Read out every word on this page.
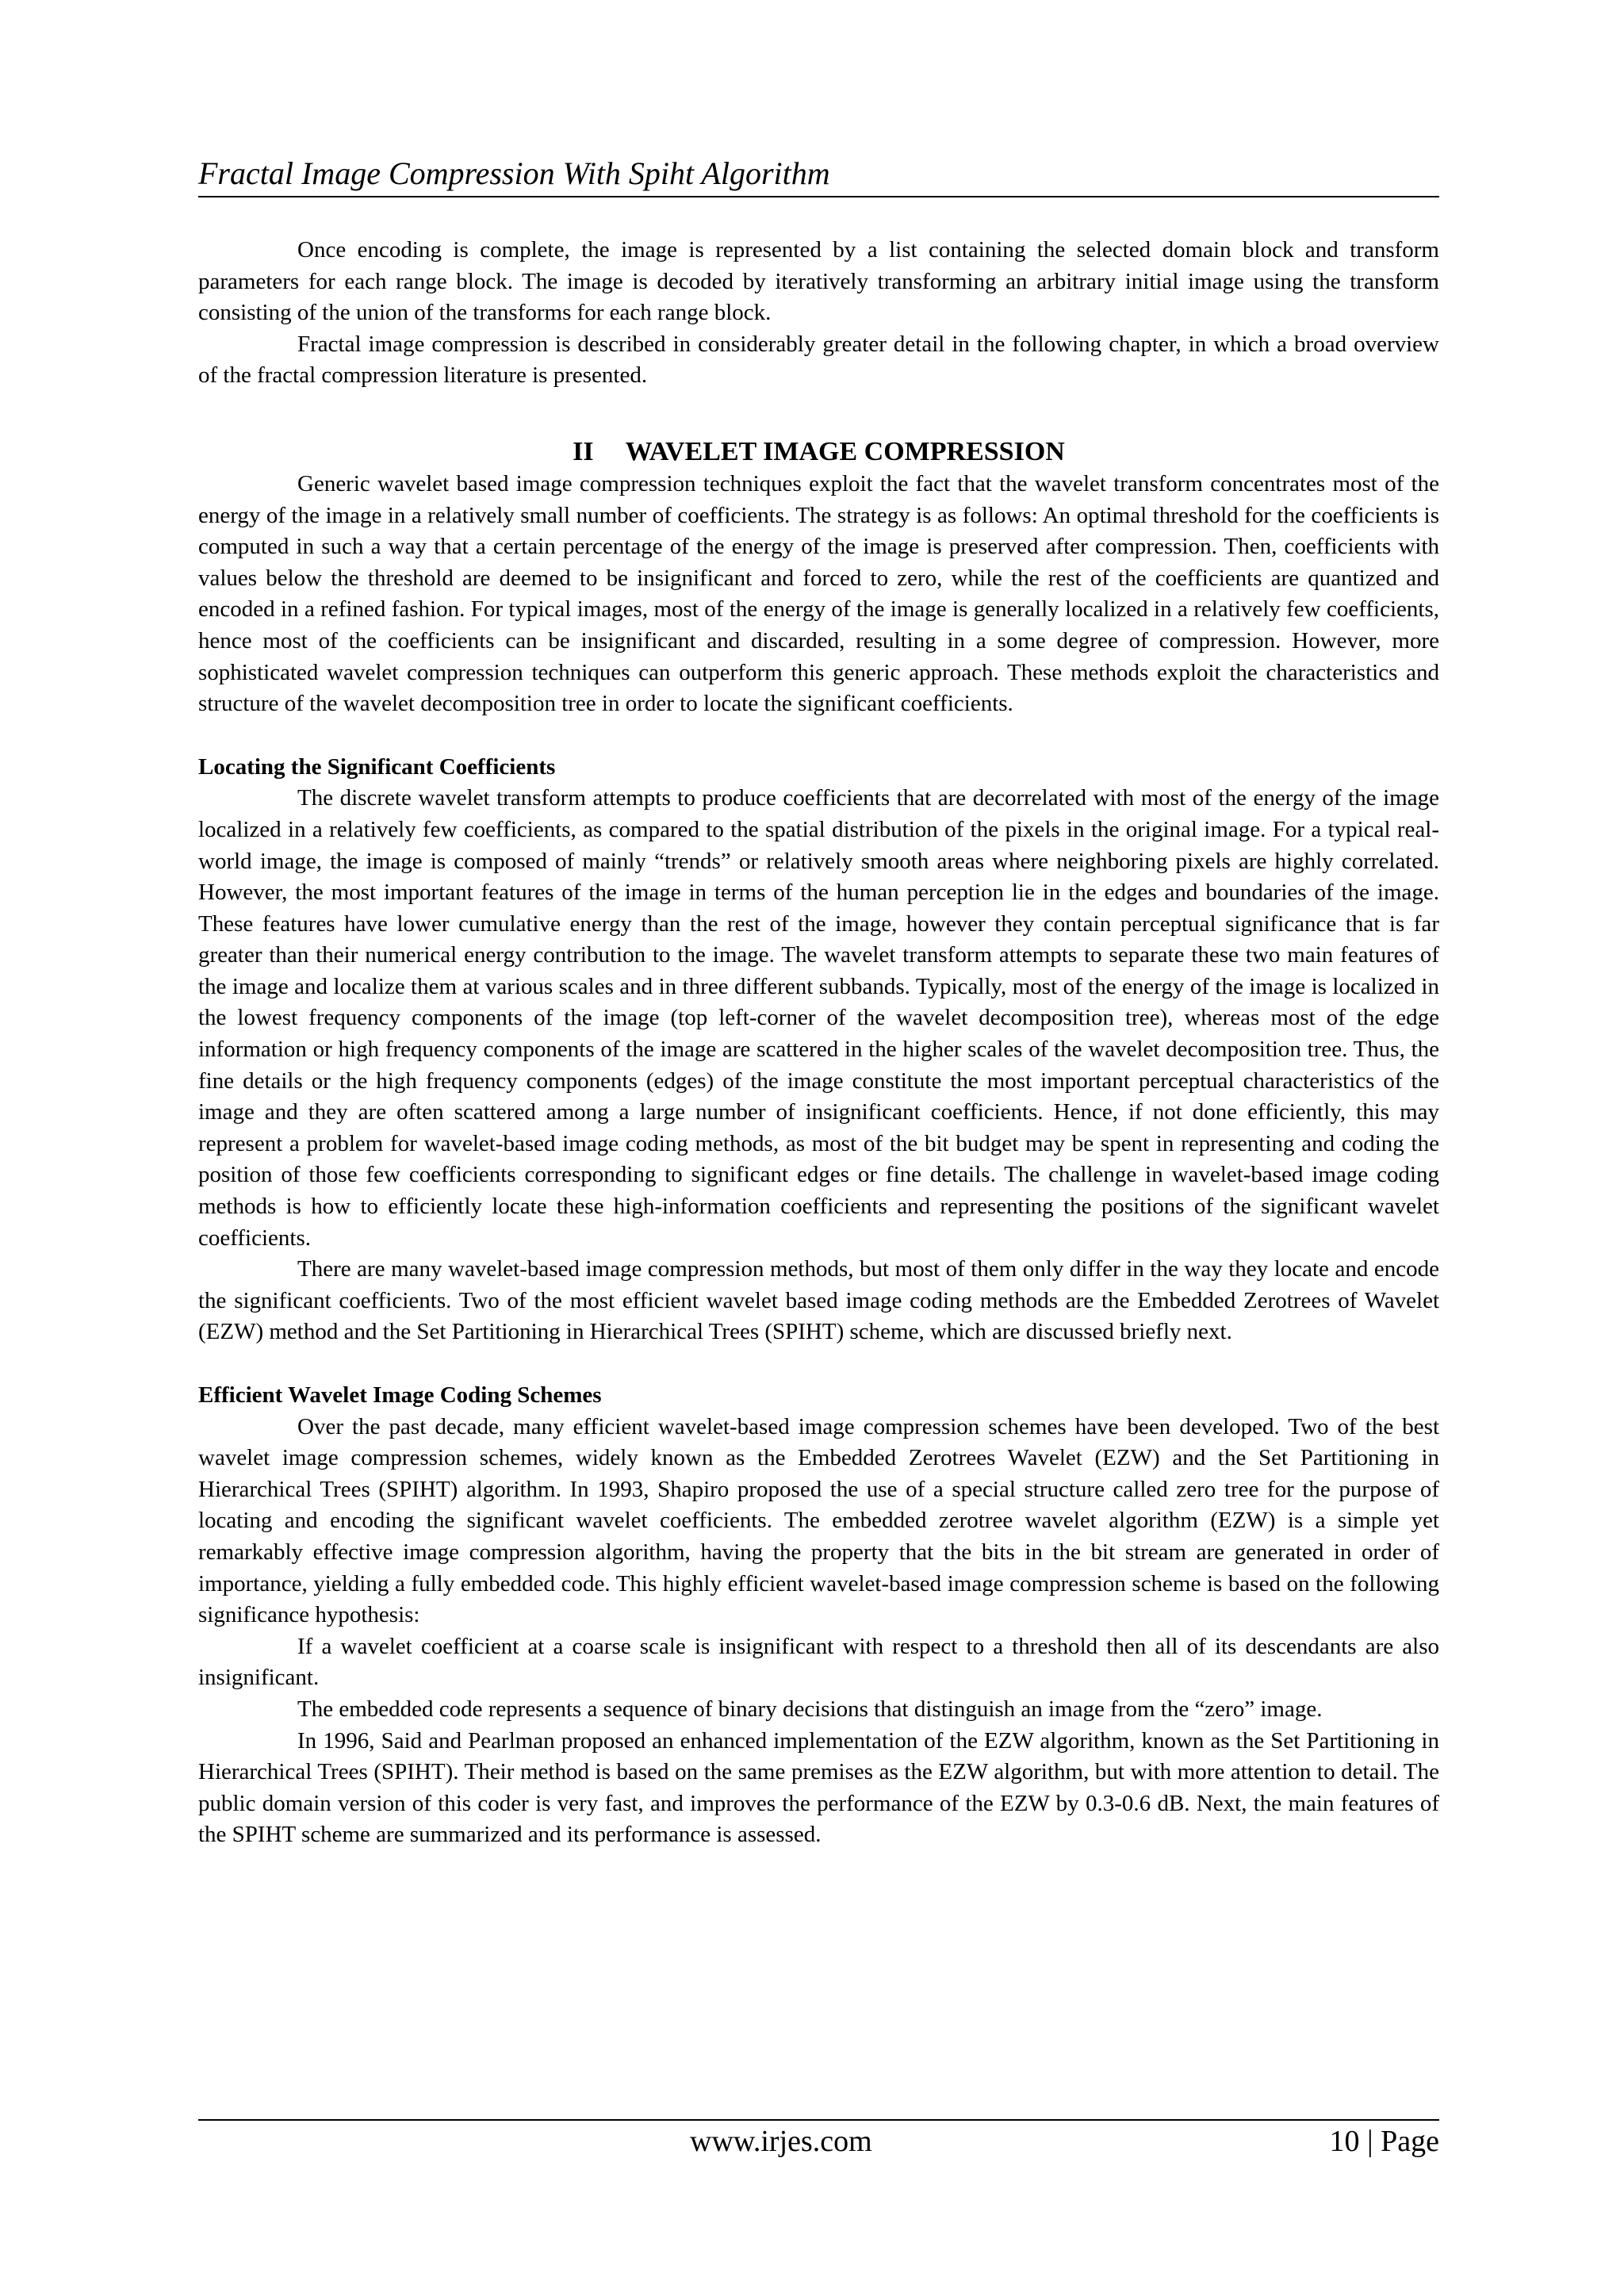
Fractal Image Compression With Spiht Algorithm

Once encoding is complete, the image is represented by a list containing the selected domain block and transform parameters for each range block. The image is decoded by iteratively transforming an arbitrary initial image using the transform consisting of the union of the transforms for each range block.

Fractal image compression is described in considerably greater detail in the following chapter, in which a broad overview of the fractal compression literature is presented.

II WAVELET IMAGE COMPRESSION

Generic wavelet based image compression techniques exploit the fact that the wavelet transform concentrates most of the energy of the image in a relatively small number of coefficients. The strategy is as follows: An optimal threshold for the coefficients is computed in such a way that a certain percentage of the energy of the image is preserved after compression. Then, coefficients with values below the threshold are deemed to be insignificant and forced to zero, while the rest of the coefficients are quantized and encoded in a refined fashion. For typical images, most of the energy of the image is generally localized in a relatively few coefficients, hence most of the coefficients can be insignificant and discarded, resulting in a some degree of compression. However, more sophisticated wavelet compression techniques can outperform this generic approach. These methods exploit the characteristics and structure of the wavelet decomposition tree in order to locate the significant coefficients.

Locating the Significant Coefficients

The discrete wavelet transform attempts to produce coefficients that are decorrelated with most of the energy of the image localized in a relatively few coefficients, as compared to the spatial distribution of the pixels in the original image. For a typical real-world image, the image is composed of mainly “trends” or relatively smooth areas where neighboring pixels are highly correlated. However, the most important features of the image in terms of the human perception lie in the edges and boundaries of the image. These features have lower cumulative energy than the rest of the image, however they contain perceptual significance that is far greater than their numerical energy contribution to the image. The wavelet transform attempts to separate these two main features of the image and localize them at various scales and in three different subbands. Typically, most of the energy of the image is localized in the lowest frequency components of the image (top left-corner of the wavelet decomposition tree), whereas most of the edge information or high frequency components of the image are scattered in the higher scales of the wavelet decomposition tree. Thus, the fine details or the high frequency components (edges) of the image constitute the most important perceptual characteristics of the image and they are often scattered among a large number of insignificant coefficients. Hence, if not done efficiently, this may represent a problem for wavelet-based image coding methods, as most of the bit budget may be spent in representing and coding the position of those few coefficients corresponding to significant edges or fine details. The challenge in wavelet-based image coding methods is how to efficiently locate these high-information coefficients and representing the positions of the significant wavelet coefficients.

There are many wavelet-based image compression methods, but most of them only differ in the way they locate and encode the significant coefficients. Two of the most efficient wavelet based image coding methods are the Embedded Zerotrees of Wavelet (EZW) method and the Set Partitioning in Hierarchical Trees (SPIHT) scheme, which are discussed briefly next.

Efficient Wavelet Image Coding Schemes

Over the past decade, many efficient wavelet-based image compression schemes have been developed. Two of the best wavelet image compression schemes, widely known as the Embedded Zerotrees Wavelet (EZW) and the Set Partitioning in Hierarchical Trees (SPIHT) algorithm. In 1993, Shapiro proposed the use of a special structure called zero tree for the purpose of locating and encoding the significant wavelet coefficients. The embedded zerotree wavelet algorithm (EZW) is a simple yet remarkably effective image compression algorithm, having the property that the bits in the bit stream are generated in order of importance, yielding a fully embedded code. This highly efficient wavelet-based image compression scheme is based on the following significance hypothesis:

If a wavelet coefficient at a coarse scale is insignificant with respect to a threshold then all of its descendants are also insignificant.

The embedded code represents a sequence of binary decisions that distinguish an image from the “zero” image.

In 1996, Said and Pearlman proposed an enhanced implementation of the EZW algorithm, known as the Set Partitioning in Hierarchical Trees (SPIHT). Their method is based on the same premises as the EZW algorithm, but with more attention to detail. The public domain version of this coder is very fast, and improves the performance of the EZW by 0.3-0.6 dB. Next, the main features of the SPIHT scheme are summarized and its performance is assessed.

www.irjes.com	10 | Page
